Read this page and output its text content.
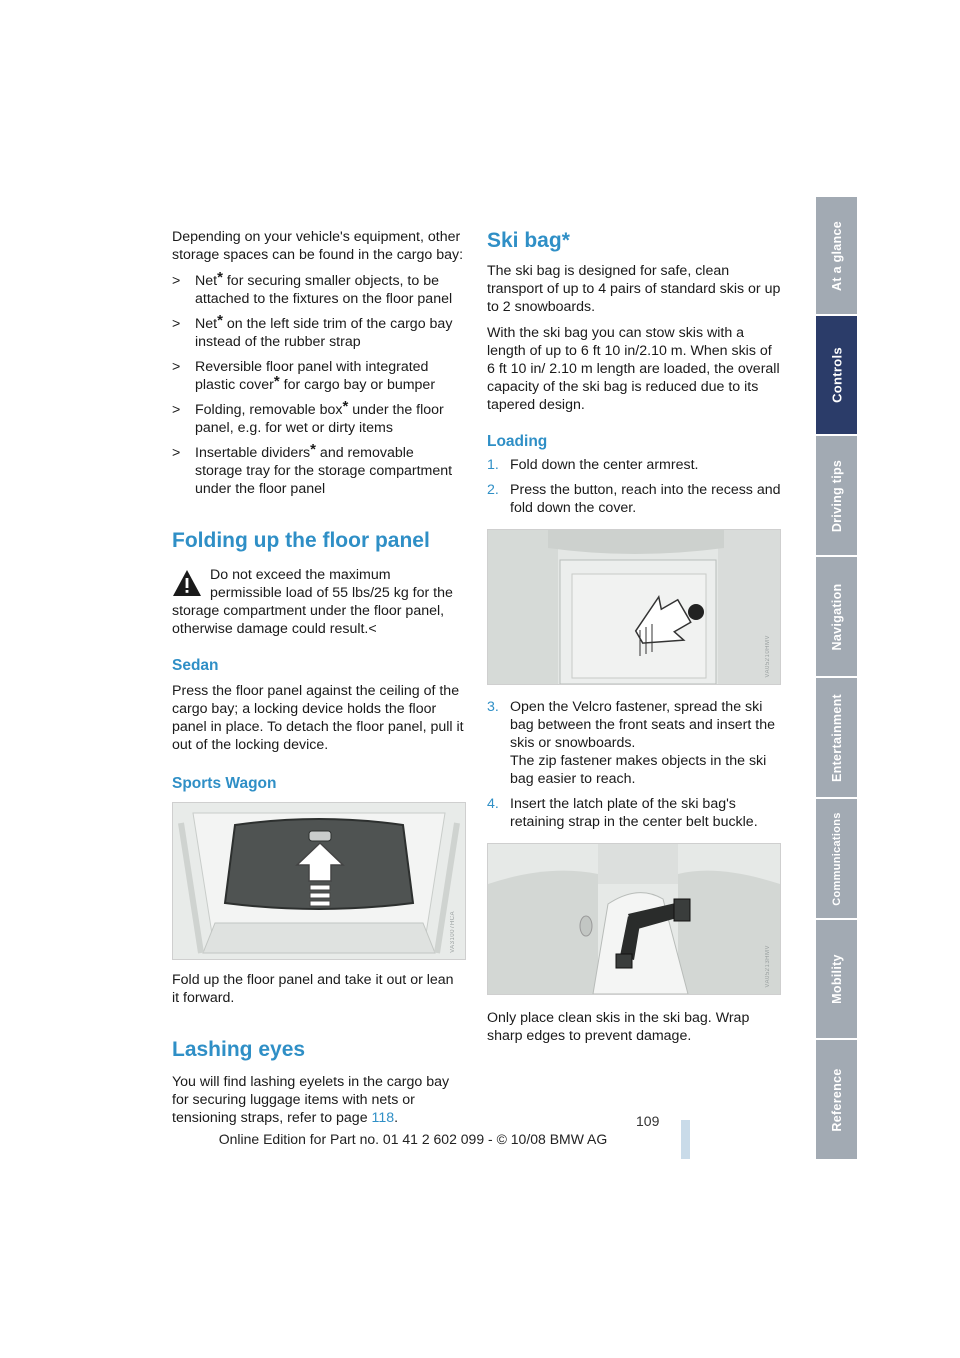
Depending on your vehicle's equipment, other storage spaces can be found in the cargo bay:

> Net* for securing smaller objects, to be attached to the fixtures on the floor panel
> Net* on the left side trim of the cargo bay instead of the rubber strap
> Reversible floor panel with integrated plastic cover* for cargo bay or bumper
> Folding, removable box* under the floor panel, e.g. for wet or dirty items
> Insertable dividers* and removable storage tray for the storage compartment under the floor panel
Folding up the floor panel
Do not exceed the maximum permissible load of 55 lbs/25 kg for the storage compartment under the floor panel, otherwise damage could result.<
Sedan

Press the floor panel against the ceiling of the cargo bay; a locking device holds the floor panel in place. To detach the floor panel, pull it out of the locking device.

Sports Wagon
VA31007HCA

Fold up the floor panel and take it out or lean it forward.

Lashing eyes

You will find lashing eyelets in the cargo bay for securing luggage items with nets or tensioning straps, refer to page 118.

Ski bag*

The ski bag is designed for safe, clean transport of up to 4 pairs of standard skis or up to 2 snowboards.

With the ski bag you can stow skis with a length of up to 6 ft 10 in/2.10 m. When skis of 6 ft 10 in/ 2.10 m length are loaded, the overall capacity of the ski bag is reduced due to its tapered design.

Loading
1. Fold down the center armrest.
2. Press the button, reach into the recess and fold down the cover.
VA05210HMV
3. Open the Velcro fastener, spread the ski bag between the front seats and insert the skis or snowboards.
The zip fastener makes objects in the ski bag easier to reach.
4. Insert the latch plate of the ski bag's retaining strap in the center belt buckle.
VA05213HMV

Only place clean skis in the ski bag. Wrap sharp edges to prevent damage.

At a glance
Controls
Driving tips
Navigation
Entertainment
Communications
Mobility
Reference
109
Online Edition for Part no. 01 41 2 602 099 - © 10/08 BMW AG
